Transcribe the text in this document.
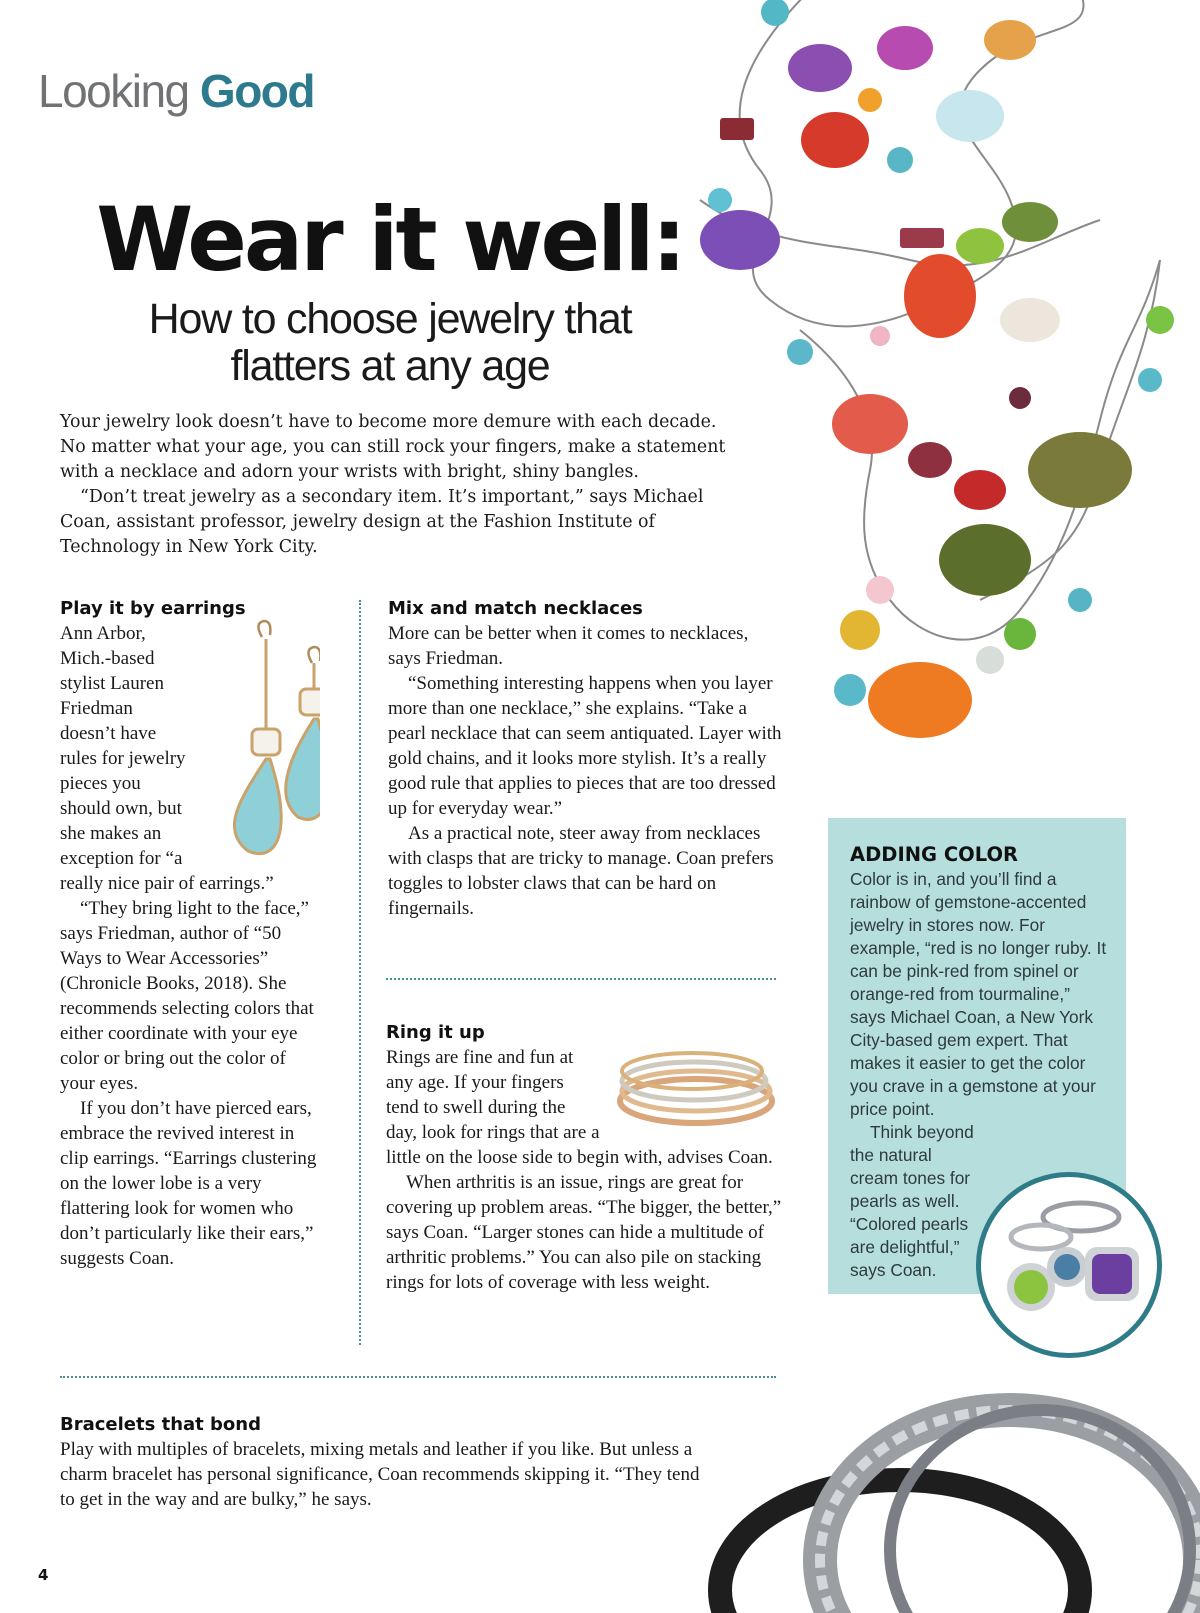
Looking Good
Wear it well:
How to choose jewelry that
flatters at any age

Your jewelry look doesn’t have to become more demure with each decade. No matter what your age, you can still rock your fingers, make a statement with a necklace and adorn your wrists with bright, shiny bangles.

“Don’t treat jewelry as a secondary item. It’s important,” says Michael Coan, assistant professor, jewelry design at the Fashion Institute of Technology in New York City.

Play it by earrings

Ann Arbor, Mich.-based stylist Lauren Friedman doesn’t have rules for jewelry pieces you should own, but she makes an exception for “a really nice pair of earrings.”

“They bring light to the face,” says Friedman, author of “50 Ways to Wear Accessories” (Chronicle Books, 2018). She recommends selecting colors that either coordinate with your eye color or bring out the color of your eyes.

If you don’t have pierced ears, embrace the revived interest in clip earrings. “Earrings clustering on the lower lobe is a very flattering look for women who don’t particularly like their ears,” suggests Coan.

Mix and match necklaces

More can be better when it comes to necklaces, says Friedman.

“Something interesting happens when you layer more than one necklace,” she explains. “Take a pearl necklace that can seem antiquated. Layer with gold chains, and it looks more stylish. It’s a really good rule that applies to pieces that are too dressed up for everyday wear.”

As a practical note, steer away from necklaces with clasps that are tricky to manage. Coan prefers toggles to lobster claws that can be hard on fingernails.

Ring it up

Rings are fine and fun at any age. If your fingers tend to swell during the day, look for rings that are a little on the loose side to begin with, advises Coan.

When arthritis is an issue, rings are great for covering up problem areas. “The bigger, the better,” says Coan. “Larger stones can hide a multitude of arthritic problems.” You can also pile on stacking rings for lots of coverage with less weight.

ADDING COLOR

Color is in, and you’ll find a rainbow of gemstone-accented jewelry in stores now. For example, “red is no longer ruby. It can be pink-red from spinel or orange-red from tourmaline,” says Michael Coan, a New York City-based gem expert. That makes it easier to get the color you crave in a gemstone at your price point.

Think beyond the natural cream tones for pearls as well. “Colored pearls are delightful,” says Coan.

Bracelets that bond

Play with multiples of bracelets, mixing metals and leather if you like. But unless a charm bracelet has personal significance, Coan recommends skipping it. “They tend to get in the way and are bulky,” he says.

4
